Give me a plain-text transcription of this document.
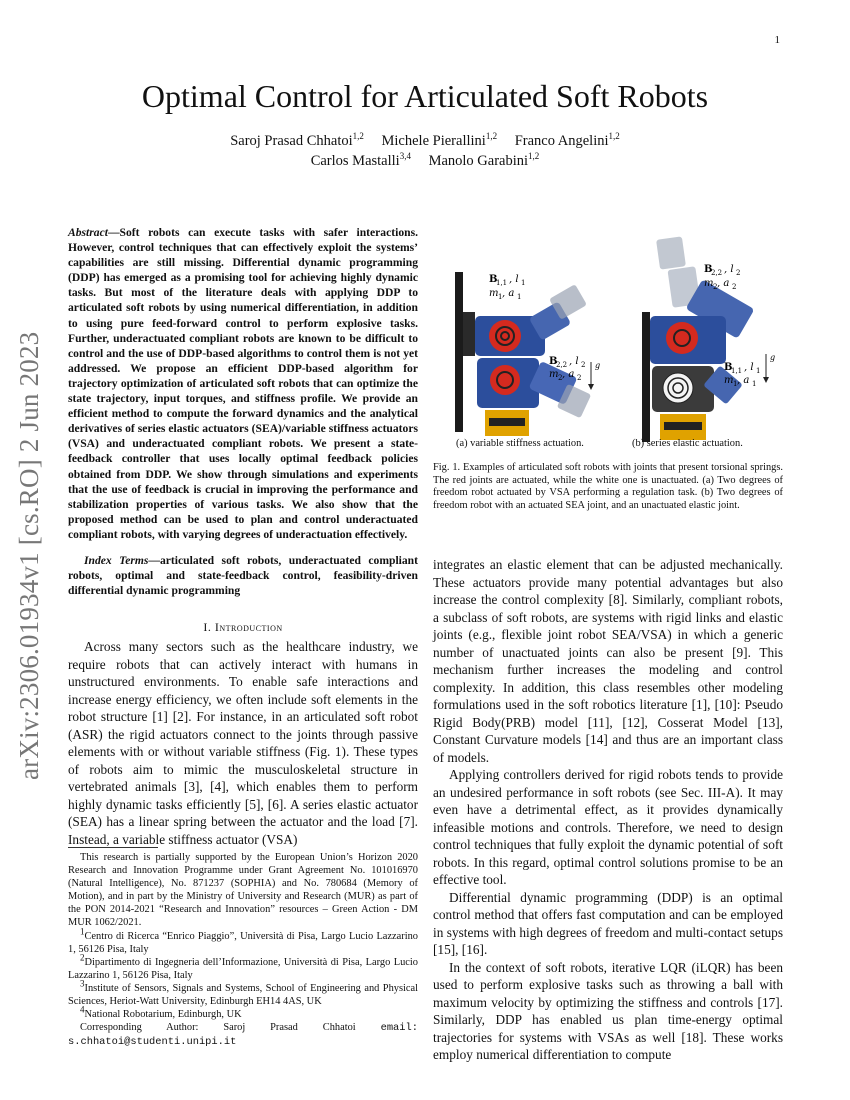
1
arXiv:2306.01934v1 [cs.RO] 2 Jun 2023
Optimal Control for Articulated Soft Robots
Saroj Prasad Chhatoi$^{1,2}$ Michele Pierallini$^{1,2}$ Franco Angelini$^{1,2}$
Carlos Mastalli$^{3,4}$ Manolo Garabini$^{1,2}$
Abstract—Soft robots can execute tasks with safer interactions. However, control techniques that can effectively exploit the systems’ capabilities are still missing. Differential dynamic programming (DDP) has emerged as a promising tool for achieving highly dynamic tasks. But most of the literature deals with applying DDP to articulated soft robots by using numerical differentiation, in addition to using pure feed-forward control to perform explosive tasks. Further, underactuated compliant robots are known to be difficult to control and the use of DDP-based algorithms to control them is not yet addressed. We propose an efficient DDP-based algorithm for trajectory optimization of articulated soft robots that can optimize the state trajectory, input torques, and stiffness profile. We provide an efficient method to compute the forward dynamics and the analytical derivatives of series elastic actuators (SEA)/variable stiffness actuators (VSA) and underactuated compliant robots. We present a state-feedback controller that uses locally optimal feedback policies obtained from DDP. We show through simulations and experiments that the use of feedback is crucial in improving the performance and stabilization properties of various tasks. We also show that the proposed method can be used to plan and control underactuated compliant robots, with varying degrees of underactuation effectively.
Index Terms—articulated soft robots, underactuated compliant robots, optimal and state-feedback control, feasibility-driven differential dynamic programming
I. Introduction

Across many sectors such as the healthcare industry, we require robots that can actively interact with humans in unstructured environments. To enable safe interactions and increase energy efficiency, we often include soft elements in the robot structure [1] [2]. For instance, in an articulated soft robot (ASR) the rigid actuators connect to the joints through passive elements with or without variable stiffness (Fig. 1). These types of robots aim to mimic the musculoskeletal structure in vertebrated animals [3], [4], which enables them to perform highly dynamic tasks efficiently [5], [6]. A series elastic actuator (SEA) has a linear spring between the actuator and the load [7]. Instead, a variable stiffness actuator (VSA)

This research is partially supported by the European Union’s Horizon 2020 Research and Innovation Programme under Grant Agreement No. 101016970 (Natural Intelligence), No. 871237 (SOPHIA) and No. 780684 (Memory of Motion), and in part by the Ministry of University and Research (MUR) as part of the PON 2014-2021 “Research and Innovation” resources – Green Action - DM MUR 1062/2021.

$^1$Centro di Ricerca “Enrico Piaggio”, Università di Pisa, Largo Lucio Lazzarino 1, 56126 Pisa, Italy

$^2$Dipartimento di Ingegneria dell’Informazione, Università di Pisa, Largo Lucio Lazzarino 1, 56126 Pisa, Italy

$^3$Institute of Sensors, Signals and Systems, School of Engineering and Physical Sciences, Heriot-Watt University, Edinburgh EH14 4AS, UK

$^4$National Robotarium, Edinburgh, UK

Corresponding Author: Saroj Prasad Chhatoi email:

s.chhatoi@studenti.unipi.it

B
1,1 , l 1
m 1 , a 1
B
2,2 , l 2
m 2 , a 2
g
B
2,2 , l 2
m 2 , a 2
B
1,1 , l 1
m 1 , a 1
g
(a) variable stiffness actuation.	(b) series elastic actuation.

Fig. 1. Examples of articulated soft robots with joints that present torsional springs. The red joints are actuated, while the white one is unactuated. (a) Two degrees of freedom robot actuated by VSA performing a regulation task. (b) Two degrees of freedom robot with an actuated SEA joint, and an unactuated elastic joint.

integrates an elastic element that can be adjusted mechanically. These actuators provide many potential advantages but also increase the control complexity [8]. Similarly, compliant robots, a subclass of soft robots, are systems with rigid links and elastic joints (e.g., flexible joint robot SEA/VSA) in which a generic number of unactuated joints can also be present [9]. This mechanism further increases the modeling and control complexity. In addition, this class resembles other modeling formulations used in the soft robotics literature [1], [10]: Pseudo Rigid Body(PRB) model [11], [12], Cosserat Model [13], Constant Curvature models [14] and thus are an important class of models.

Applying controllers derived for rigid robots tends to provide an undesired performance in soft robots (see Sec. III-A). It may even have a detrimental effect, as it provides dynamically infeasible motions and controls. Therefore, we need to design control techniques that fully exploit the dynamic potential of soft robots. In this regard, optimal control solutions promise to be an effective tool.

Differential dynamic programming (DDP) is an optimal control method that offers fast computation and can be employed in systems with high degrees of freedom and multi-contact setups [15], [16].

In the context of soft robots, iterative LQR (iLQR) has been used to perform explosive tasks such as throwing a ball with maximum velocity by optimizing the stiffness and controls [17]. Similarly, DDP has enabled us plan time-energy optimal trajectories for systems with VSAs as well [18]. These works employ numerical differentiation to compute
